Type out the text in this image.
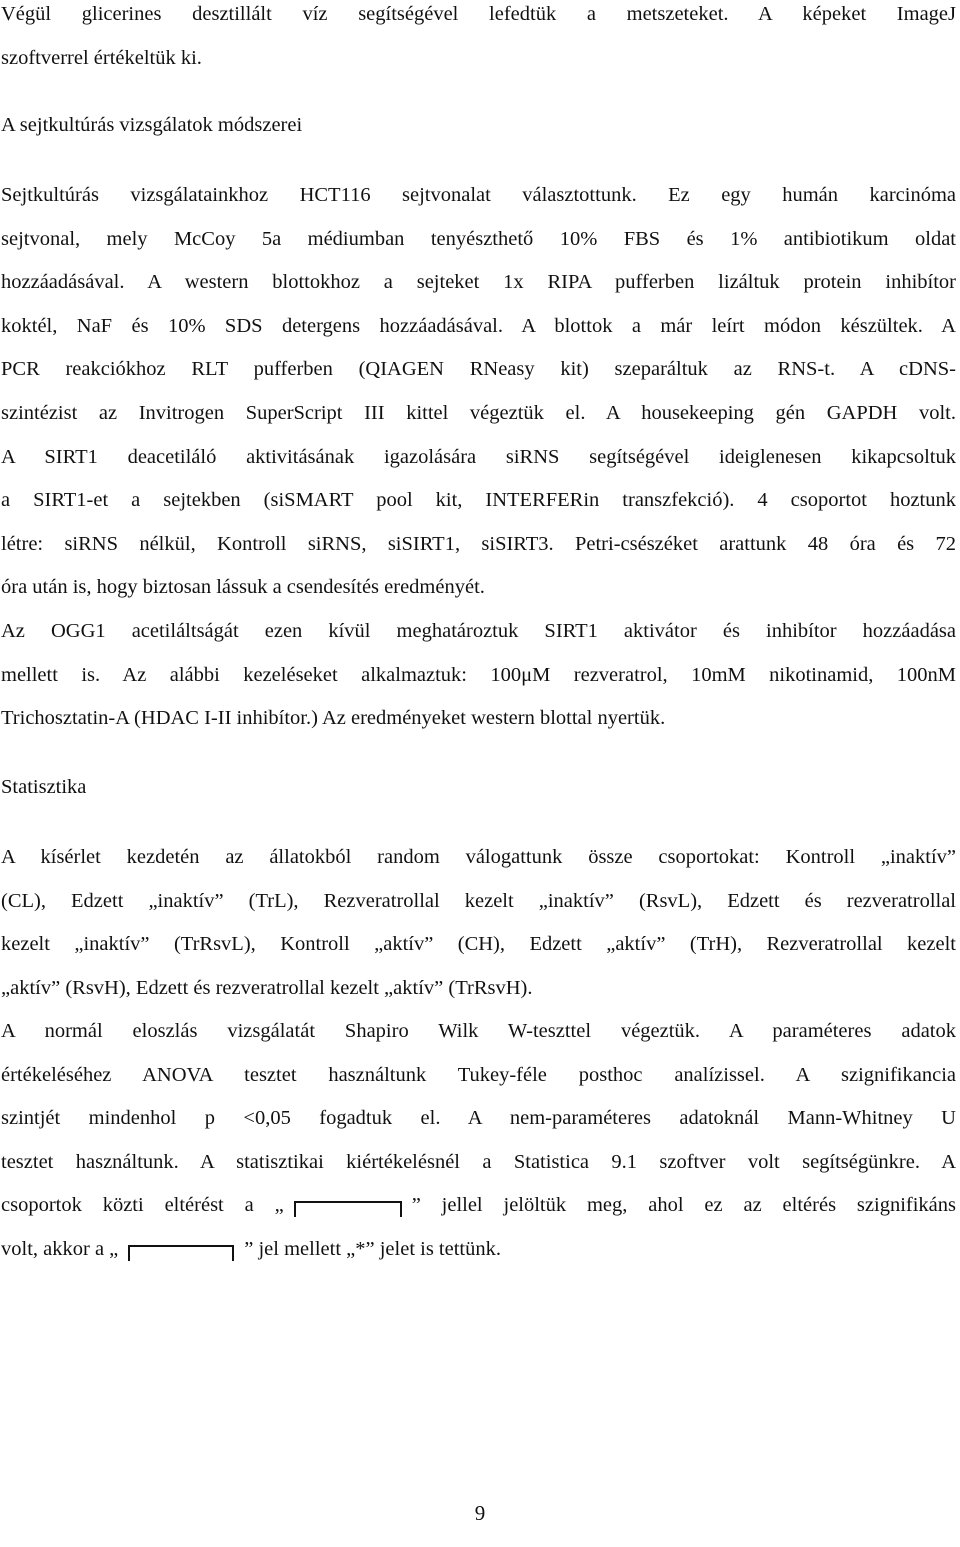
Végül glicerines desztillált víz segítségével lefedtük a metszeteket. A képeket ImageJ
szoftverrel értékeltük ki.

A sejtkultúrás vizsgálatok módszerei

Sejtkultúrás vizsgálatainkhoz HCT116 sejtvonalat választottunk. Ez egy humán karcinóma
sejtvonal, mely McCoy 5a médiumban tenyészthető 10% FBS és 1% antibiotikum oldat
hozzáadásával. A western blottokhoz a sejteket 1x RIPA pufferben lizáltuk protein inhibítor
koktél, NaF és 10% SDS detergens hozzáadásával. A blottok a már leírt módon készültek. A
PCR reakciókhoz RLT pufferben (QIAGEN RNeasy kit) szeparáltuk az RNS-t. A cDNS-
szintézist az Invitrogen SuperScript III kittel végeztük el. A housekeeping gén GAPDH volt.
A SIRT1 deacetiláló aktivitásának igazolására siRNS segítségével ideiglenesen kikapcsoltuk
a SIRT1-et a sejtekben (siSMART pool kit, INTERFERin transzfekció). 4 csoportot hoztunk
létre: siRNS nélkül, Kontroll siRNS, siSIRT1, siSIRT3. Petri-csészéket arattunk 48 óra és 72
óra után is, hogy biztosan lássuk a csendesítés eredményét.

Az OGG1 acetiláltságát ezen kívül meghatároztuk SIRT1 aktivátor és inhibítor hozzáadása
mellett is. Az alábbi kezeléseket alkalmaztuk: 100μM rezveratrol, 10mM nikotinamid, 100nM
Trichosztatin-A (HDAC I-II inhibítor.) Az eredményeket western blottal nyertük.

Statisztika

A kísérlet kezdetén az állatokból random válogattunk össze csoportokat: Kontroll „inaktív”
(CL), Edzett „inaktív” (TrL), Rezveratrollal kezelt „inaktív” (RsvL), Edzett és rezveratrollal
kezelt „inaktív” (TrRsvL), Kontroll „aktív” (CH), Edzett „aktív” (TrH), Rezveratrollal kezelt
„aktív” (RsvH), Edzett és rezveratrollal kezelt „aktív” (TrRsvH).

A normál eloszlás vizsgálatát Shapiro Wilk W-teszttel végeztük. A paraméteres adatok
értékeléséhez ANOVA tesztet használtunk Tukey-féle posthoc analízissel. A szignifikancia
szintjét mindenhol p <0,05 fogadtuk el. A nem-paraméteres adatoknál Mann-Whitney U
tesztet használtunk. A statisztikai kiértékelésnél a Statistica 9.1 szoftver volt segítségünkre. A
csoportok közti eltérést a „	” jellel jelöltük meg, ahol ez az eltérés szignifikáns
volt, akkor a „	” jel mellett „*” jelet is tettünk.

9
